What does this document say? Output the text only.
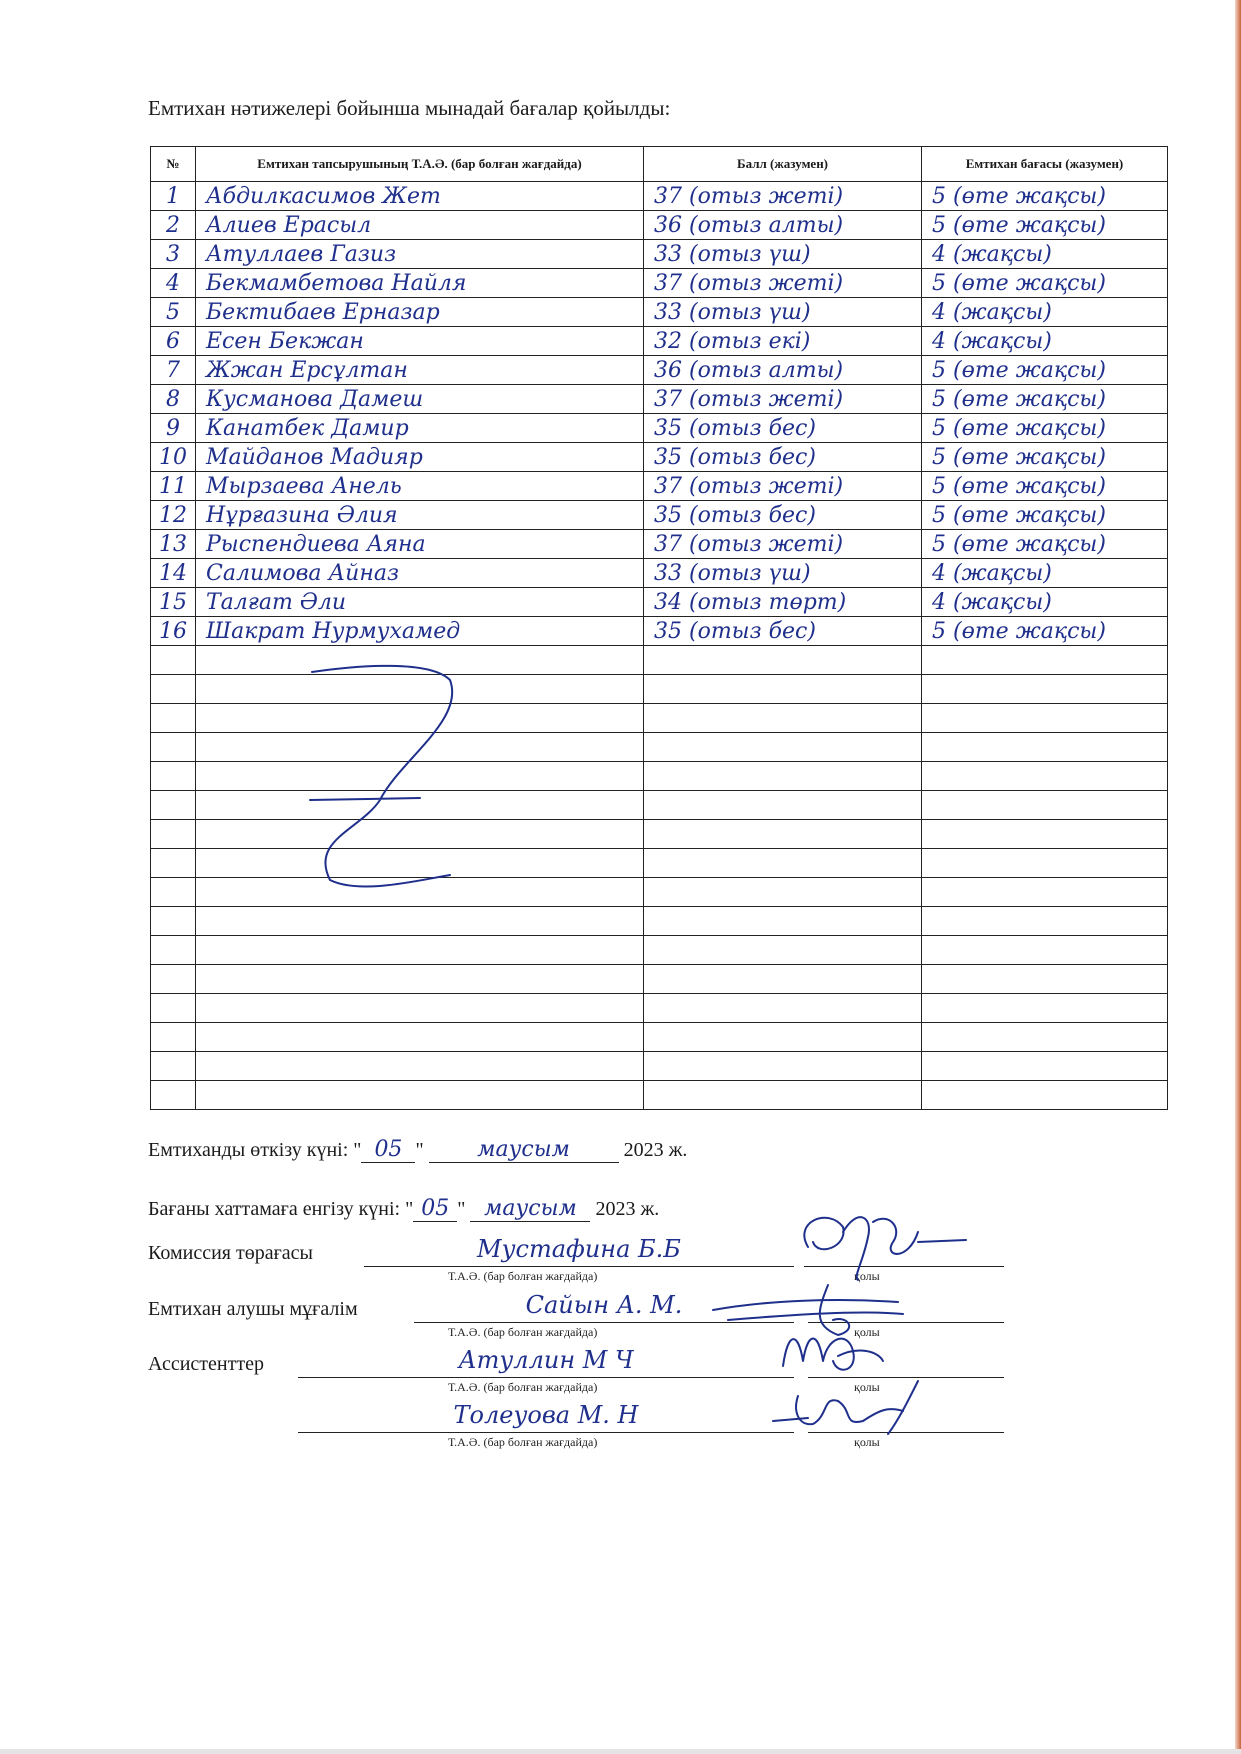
Емтихан нәтижелері бойынша мынадай бағалар қойылды:
№	Емтихан тапсырушының Т.А.Ә. (бар болған жағдайда)	Балл (жазумен)	Емтихан бағасы (жазумен)
1	Абдилкасимов Жет	37 (отыз жеті)	5 (өте жақсы)
2	Алиев Ерасыл	36 (отыз алты)	5 (өте жақсы)
3	Атуллаев Газиз	33 (отыз үш)	4 (жақсы)
4	Бекмамбетова Найля	37 (отыз жеті)	5 (өте жақсы)
5	Бектибаев Ерназар	33 (отыз үш)	4 (жақсы)
6	Есен Бекжан	32 (отыз екі)	4 (жақсы)
7	Жжан Ерсұлтан	36 (отыз алты)	5 (өте жақсы)
8	Кусманова Дамеш	37 (отыз жеті)	5 (өте жақсы)
9	Канатбек Дамир	35 (отыз бес)	5 (өте жақсы)
10	Майданов Мадияр	35 (отыз бес)	5 (өте жақсы)
11	Мырзаева Анель	37 (отыз жеті)	5 (өте жақсы)
12	Нұрғазина Әлия	35 (отыз бес)	5 (өте жақсы)
13	Рыспендиева Аяна	37 (отыз жеті)	5 (өте жақсы)
14	Салимова Айназ	33 (отыз үш)	4 (жақсы)
15	Талғат Әли	34 (отыз төрт)	4 (жақсы)
16	Шакрат Нурмухамед	35 (отыз бес)	5 (өте жақсы)

Емтиханды өткізу күні: " 05 " маусым	2023 ж.
Бағаны хаттамаға енгізу күні: " 05 " маусым 2023 ж.
Комиссия төрағасы	Мустафина Б.Б
Т.А.Ә. (бар болған жағдайда)	қолы
Емтихан алушы мұғалім	Сайын А. М.
Т.А.Ә. (бар болған жағдайда)	қолы
Ассистенттер	Атуллин М Ч
Т.А.Ә. (бар болған жағдайда)	қолы
Толеуова М. Н
Т.А.Ә. (бар болған жағдайда)	қолы
